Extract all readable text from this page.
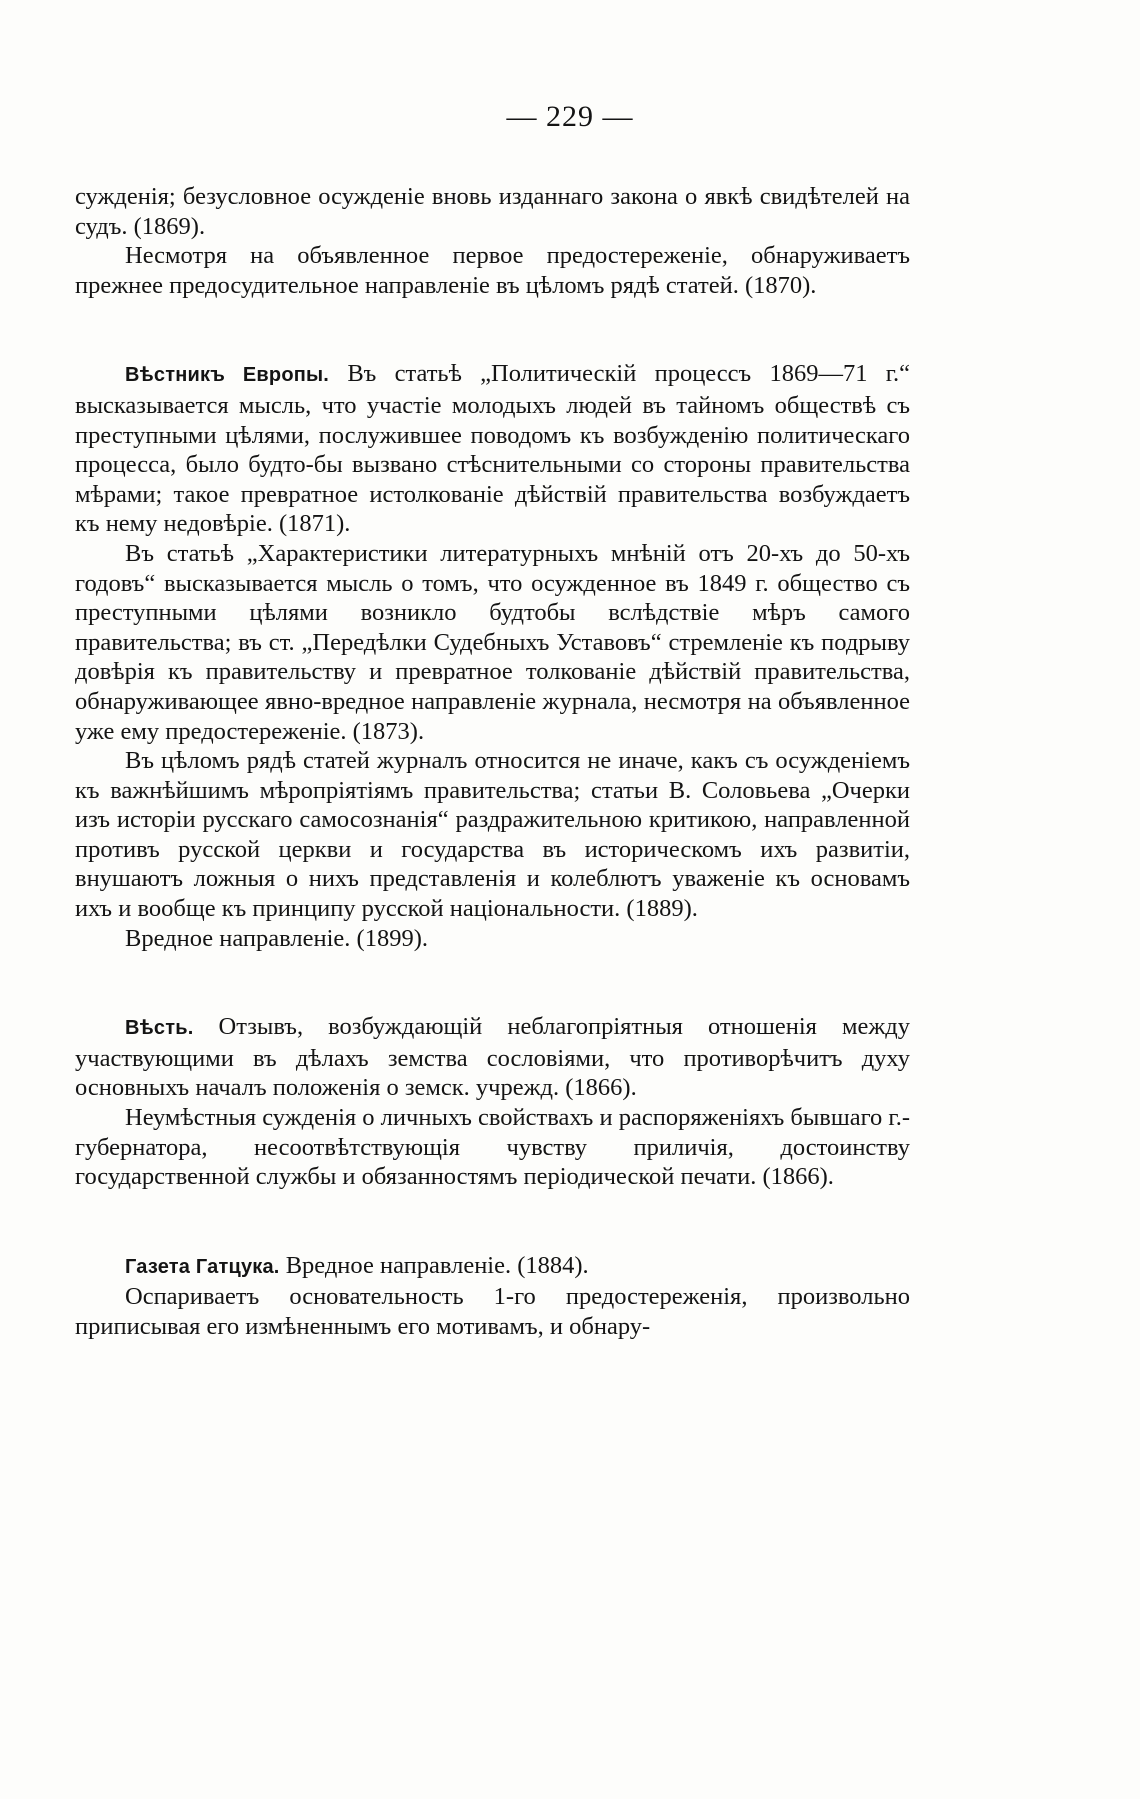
— 229 —

сужденія; безусловное осужденіе вновь изданнаго закона о явкѣ свидѣтелей на судъ. (1869).

Несмотря на объявленное первое предостереженіе, обнаруживаетъ прежнее предосудительное направленіе въ цѣломъ рядѣ статей. (1870).

Вѣстникъ Европы. Въ статьѣ „Политическій процессъ 1869—71 г.“ высказывается мысль, что участіе молодыхъ людей въ тайномъ обществѣ съ преступными цѣлями, послужившее поводомъ къ возбужденію политическаго процесса, было будто-бы вызвано стѣснительными со стороны правительства мѣрами; такое превратное истолкованіе дѣйствій правительства возбуждаетъ къ нему недовѣріе. (1871).

Въ статьѣ „Характеристики литературныхъ мнѣній отъ 20-хъ до 50-хъ годовъ“ высказывается мысль о томъ, что осужденное въ 1849 г. общество съ преступными цѣлями возникло будтобы вслѣдствіе мѣръ самого правительства; въ ст. „Передѣлки Судебныхъ Уставовъ“ стремленіе къ подрыву довѣрія къ правительству и превратное толкованіе дѣйствій правительства, обнаруживающее явно-вредное направленіе журнала, несмотря на объявленное уже ему предостереженіе. (1873).

Въ цѣломъ рядѣ статей журналъ относится не иначе, какъ съ осужденіемъ къ важнѣйшимъ мѣропріятіямъ правительства; статьи В. Соловьева „Очерки изъ исторіи русскаго самосознанія“ раздражительною критикою, направленной противъ русской церкви и государства въ историческомъ ихъ развитіи, внушаютъ ложныя о нихъ представленія и колеблютъ уваженіе къ основамъ ихъ и вообще къ принципу русской національности. (1889).

Вредное направленіе. (1899).

Вѣсть. Отзывъ, возбуждающій неблагопріятныя отношенія между участвующими въ дѣлахъ земства сословіями, что противорѣчитъ духу основныхъ началъ положенія о земск. учрежд. (1866).

Неумѣстныя сужденія о личныхъ свойствахъ и распоряженіяхъ бывшаго г.-губернатора, несоотвѣтствующія чувству приличія, достоинству государственной службы и обязанностямъ періодической печати. (1866).

Газета Гатцука. Вредное направленіе. (1884).

Оспариваетъ основательность 1-го предостереженія, произвольно приписывая его измѣненнымъ его мотивамъ, и обнару-
